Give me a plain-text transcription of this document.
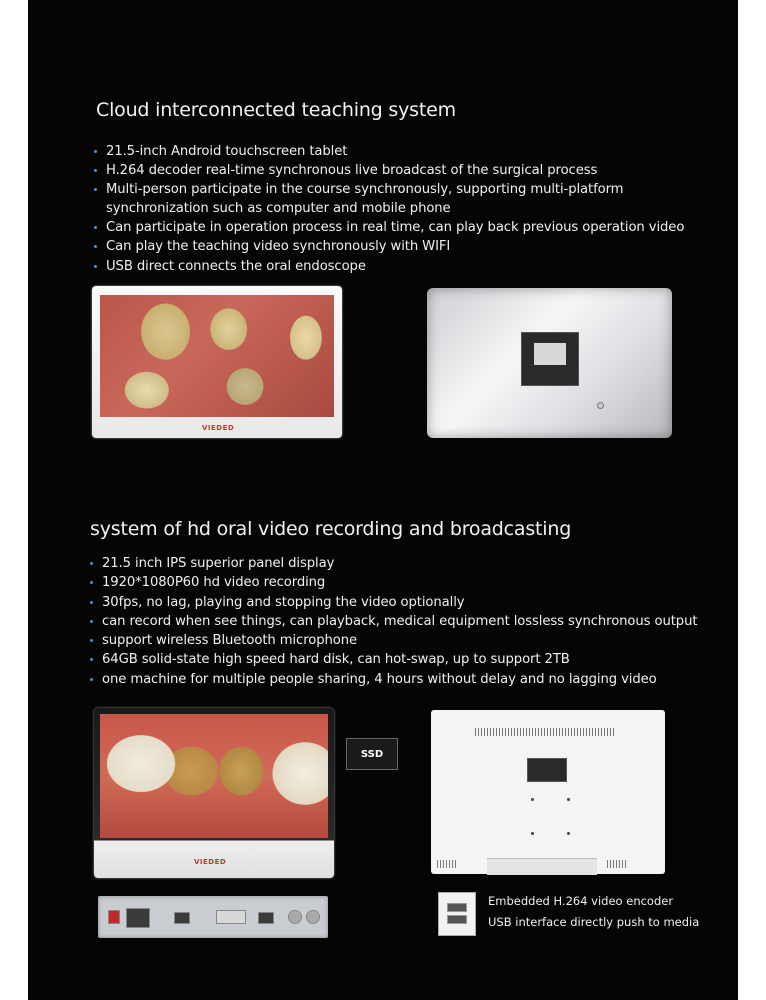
Cloud interconnected teaching system
21.5-inch Android touchscreen tablet
H.264 decoder real-time synchronous live broadcast of the surgical process
Multi-person participate in the course synchronously, supporting multi-platform
synchronization such as computer and mobile phone
Can participate in operation process in real time, can play back previous operation video
Can play the teaching video synchronously with WIFI
USB direct connects the oral endoscope
VIEDED
system of hd oral video recording and broadcasting
21.5 inch IPS superior panel display
1920*1080P60 hd video recording
30fps, no lag, playing and stopping the video optionally
can record when see things, can playback, medical equipment lossless synchronous output
support wireless Bluetooth microphone
64GB solid-state high speed hard disk, can hot-swap, up to support 2TB
one machine for multiple people sharing, 4 hours without delay and no lagging video
VIEDED
SSD
Embedded H.264 video encoder
USB interface directly push to media
